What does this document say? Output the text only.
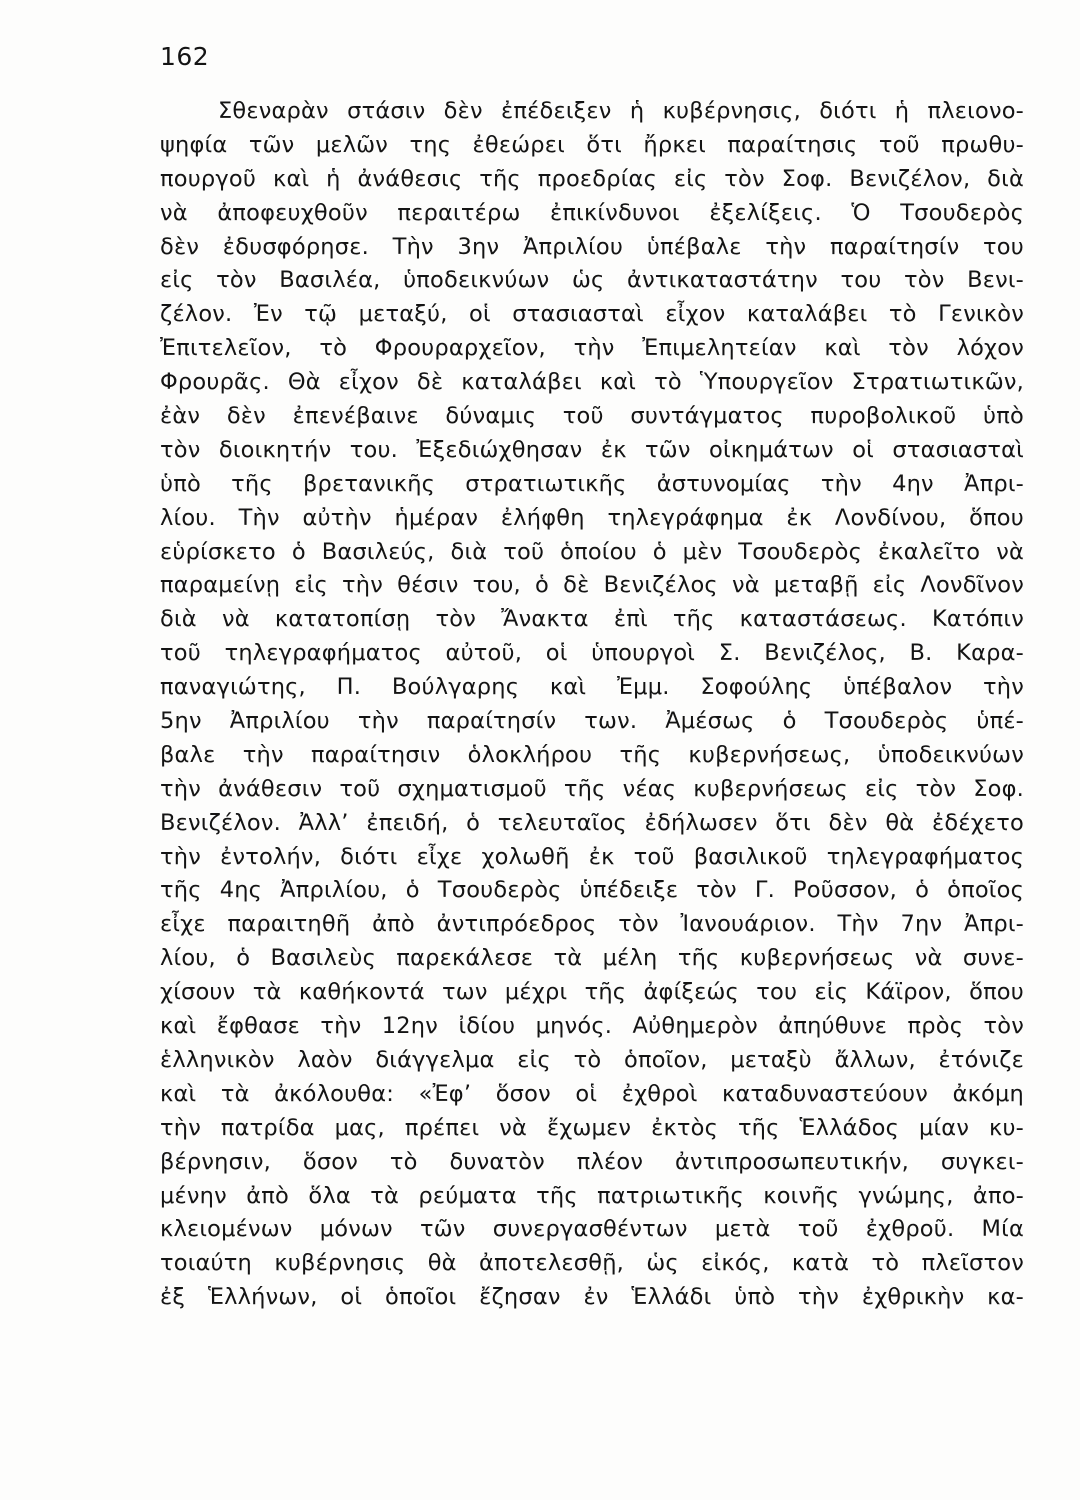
162
Σθεναρὰν στάσιν δὲν ἐπέδειξεν ἡ κυβέρνησις, διότι ἡ πλειονο-
ψηφία τῶν μελῶν της ἐθεώρει ὅτι ἤρκει παραίτησις τοῦ πρωθυ-
πουργοῦ καὶ ἡ ἀνάθεσις τῆς προεδρίας εἰς τὸν Σοφ. Βενιζέλον, διὰ
νὰ ἀποφευχθοῦν περαιτέρω ἐπικίνδυνοι ἐξελίξεις. Ὁ Τσουδερὸς
δὲν ἐδυσφόρησε. Τὴν 3ην Ἀπριλίου ὑπέβαλε τὴν παραίτησίν του
εἰς τὸν Βασιλέα, ὑποδεικνύων ὡς ἀντικαταστάτην του τὸν Βενι-
ζέλον. Ἐν τῷ μεταξύ, οἱ στασιασταὶ εἶχον καταλάβει τὸ Γενικὸν
Ἐπιτελεῖον, τὸ Φρουραρχεῖον, τὴν Ἐπιμελητείαν καὶ τὸν λόχον
Φρουρᾶς. Θὰ εἶχον δὲ καταλάβει καὶ τὸ Ὑπουργεῖον Στρατιωτικῶν,
ἐὰν δὲν ἐπενέβαινε δύναμις τοῦ συντάγματος πυροβολικοῦ ὑπὸ
τὸν διοικητήν του. Ἐξεδιώχθησαν ἐκ τῶν οἰκημάτων οἱ στασιασταὶ
ὑπὸ τῆς βρετανικῆς στρατιωτικῆς ἀστυνομίας τὴν 4ην Ἀπρι-
λίου. Τὴν αὐτὴν ἡμέραν ἐλήφθη τηλεγράφημα ἐκ Λονδίνου, ὅπου
εὑρίσκετο ὁ Βασιλεύς, διὰ τοῦ ὁποίου ὁ μὲν Τσουδερὸς ἐκαλεῖτο νὰ
παραμείνῃ εἰς τὴν θέσιν του, ὁ δὲ Βενιζέλος νὰ μεταβῇ εἰς Λονδῖνον
διὰ νὰ κατατοπίσῃ τὸν Ἄνακτα ἐπὶ τῆς καταστάσεως. Κατόπιν
τοῦ τηλεγραφήματος αὐτοῦ, οἱ ὑπουργοὶ Σ. Βενιζέλος, Β. Καρα-
παναγιώτης, Π. Βούλγαρης καὶ Ἐμμ. Σοφούλης ὑπέβαλον τὴν
5ην Ἀπριλίου τὴν παραίτησίν των. Ἀμέσως ὁ Τσουδερὸς ὑπέ-
βαλε τὴν παραίτησιν ὁλοκλήρου τῆς κυβερνήσεως, ὑποδεικνύων
τὴν ἀνάθεσιν τοῦ σχηματισμοῦ τῆς νέας κυβερνήσεως εἰς τὸν Σοφ.
Βενιζέλον. Ἀλλ’ ἐπειδή, ὁ τελευταῖος ἐδήλωσεν ὅτι δὲν θὰ ἐδέχετο
τὴν ἐντολήν, διότι εἶχε χολωθῆ ἐκ τοῦ βασιλικοῦ τηλεγραφήματος
τῆς 4ης Ἀπριλίου, ὁ Τσουδερὸς ὑπέδειξε τὸν Γ. Ροῦσσον, ὁ ὁποῖος
εἶχε παραιτηθῆ ἀπὸ ἀντιπρόεδρος τὸν Ἰανουάριον. Τὴν 7ην Ἀπρι-
λίου, ὁ Βασιλεὺς παρεκάλεσε τὰ μέλη τῆς κυβερνήσεως νὰ συνε-
χίσουν τὰ καθήκοντά των μέχρι τῆς ἀφίξεώς του εἰς Κάϊρον, ὅπου
καὶ ἔφθασε τὴν 12ην ἰδίου μηνός. Αὐθημερὸν ἀπηύθυνε πρὸς τὸν
ἑλληνικὸν λαὸν διάγγελμα εἰς τὸ ὁποῖον, μεταξὺ ἄλλων, ἐτόνιζε
καὶ τὰ ἀκόλουθα: «Ἐφ’ ὅσον οἱ ἐχθροὶ καταδυναστεύουν ἀκόμη
τὴν πατρίδα μας, πρέπει νὰ ἔχωμεν ἐκτὸς τῆς Ἑλλάδος μίαν κυ-
βέρνησιν, ὅσον τὸ δυνατὸν πλέον ἀντιπροσωπευτικήν, συγκει-
μένην ἀπὸ ὅλα τὰ ρεύματα τῆς πατριωτικῆς κοινῆς γνώμης, ἀπο-
κλειομένων μόνων τῶν συνεργασθέντων μετὰ τοῦ ἐχθροῦ. Μία
τοιαύτη κυβέρνησις θὰ ἀποτελεσθῇ, ὡς εἰκός, κατὰ τὸ πλεῖστον
ἐξ Ἑλλήνων, οἱ ὁποῖοι ἔζησαν ἐν Ἑλλάδι ὑπὸ τὴν ἐχθρικὴν κα-
